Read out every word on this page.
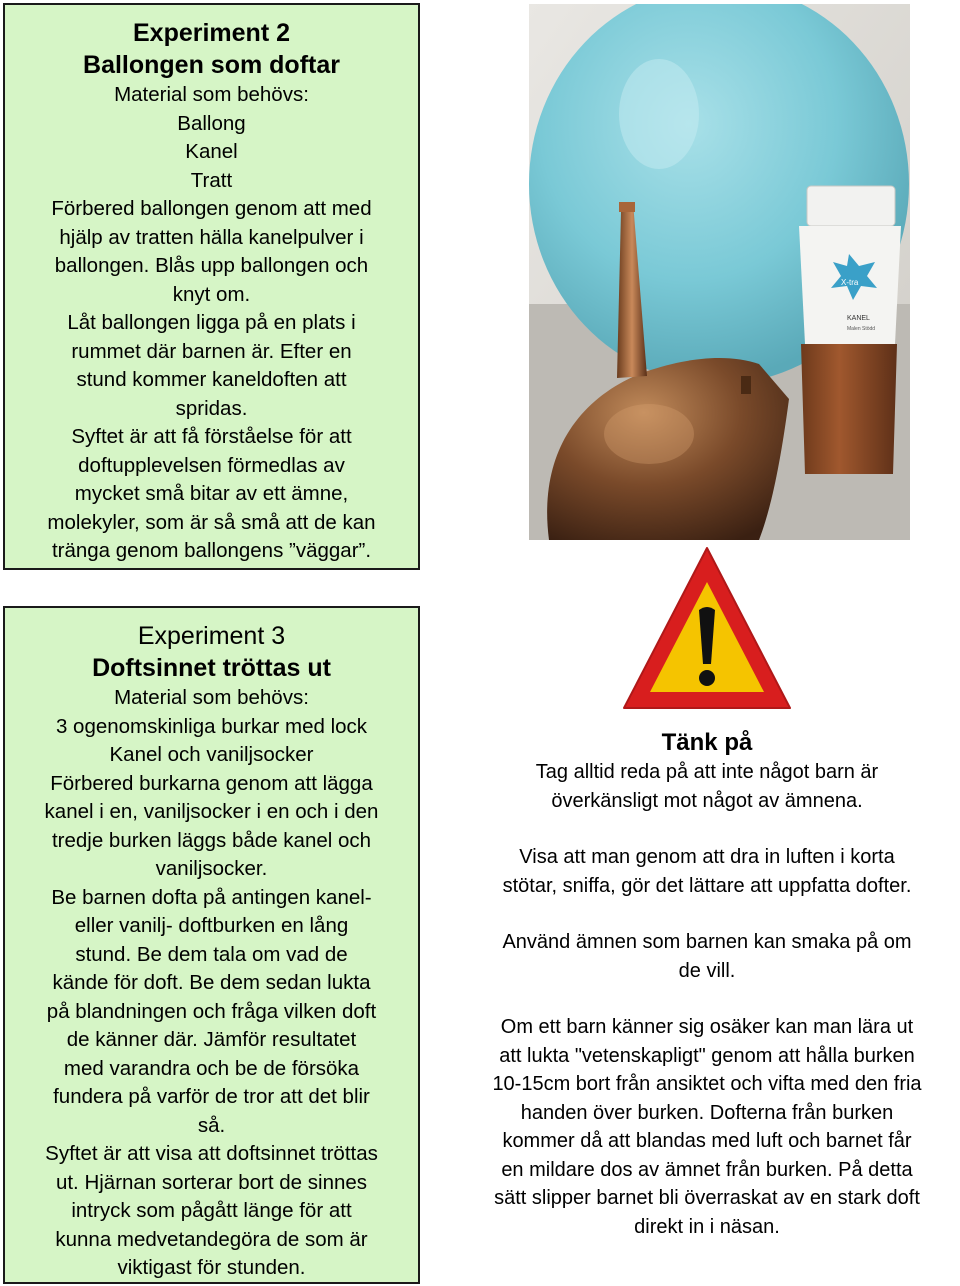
Experiment 2
Ballongen som doftar
Material som behövs:
Ballong
Kanel
Tratt
Förbered ballongen genom att med
hjälp av tratten hälla kanelpulver i
ballongen. Blås upp ballongen och
knyt om.
Låt ballongen ligga på en plats i
rummet där barnen är. Efter en
stund kommer kaneldoften att
spridas.
Syftet är att få förståelse för att
doftupplevelsen förmedlas av
mycket små bitar av ett ämne,
molekyler, som är så små att de kan
tränga genom ballongens ”väggar”.
X-tra
KANEL
Malen Stödd
Experiment 3
Doftsinnet tröttas ut
Material som behövs:
3 ogenomskinliga burkar med lock
Kanel och vaniljsocker
Förbered burkarna genom att lägga
kanel i en, vaniljsocker i en och i den
tredje burken läggs både kanel och
vaniljsocker.
Be barnen dofta på antingen kanel-
eller vanilj- doftburken en lång
stund. Be dem tala om vad de
kände för doft. Be dem sedan lukta
på blandningen och fråga vilken doft
de känner där. Jämför resultatet
med varandra och be de försöka
fundera på varför de tror att det blir
så.
Syftet är att visa att doftsinnet tröttas
ut. Hjärnan sorterar bort de sinnes
intryck som pågått länge för att
kunna medvetandegöra de som är
viktigast för stunden.
Tänk på
Tag alltid reda på att inte något barn är
överkänsligt mot något av ämnena.
Visa att man genom att dra in luften i korta
stötar, sniffa, gör det lättare att uppfatta dofter.
Använd ämnen som barnen kan smaka på om
de vill.
Om ett barn känner sig osäker kan man lära ut
att lukta "vetenskapligt" genom att hålla burken
10-15cm bort från ansiktet och vifta med den fria
handen över burken. Dofterna från burken
kommer då att blandas med luft och barnet får
en mildare dos av ämnet från burken. På detta
sätt slipper barnet bli överraskat av en stark doft
direkt in i näsan.
